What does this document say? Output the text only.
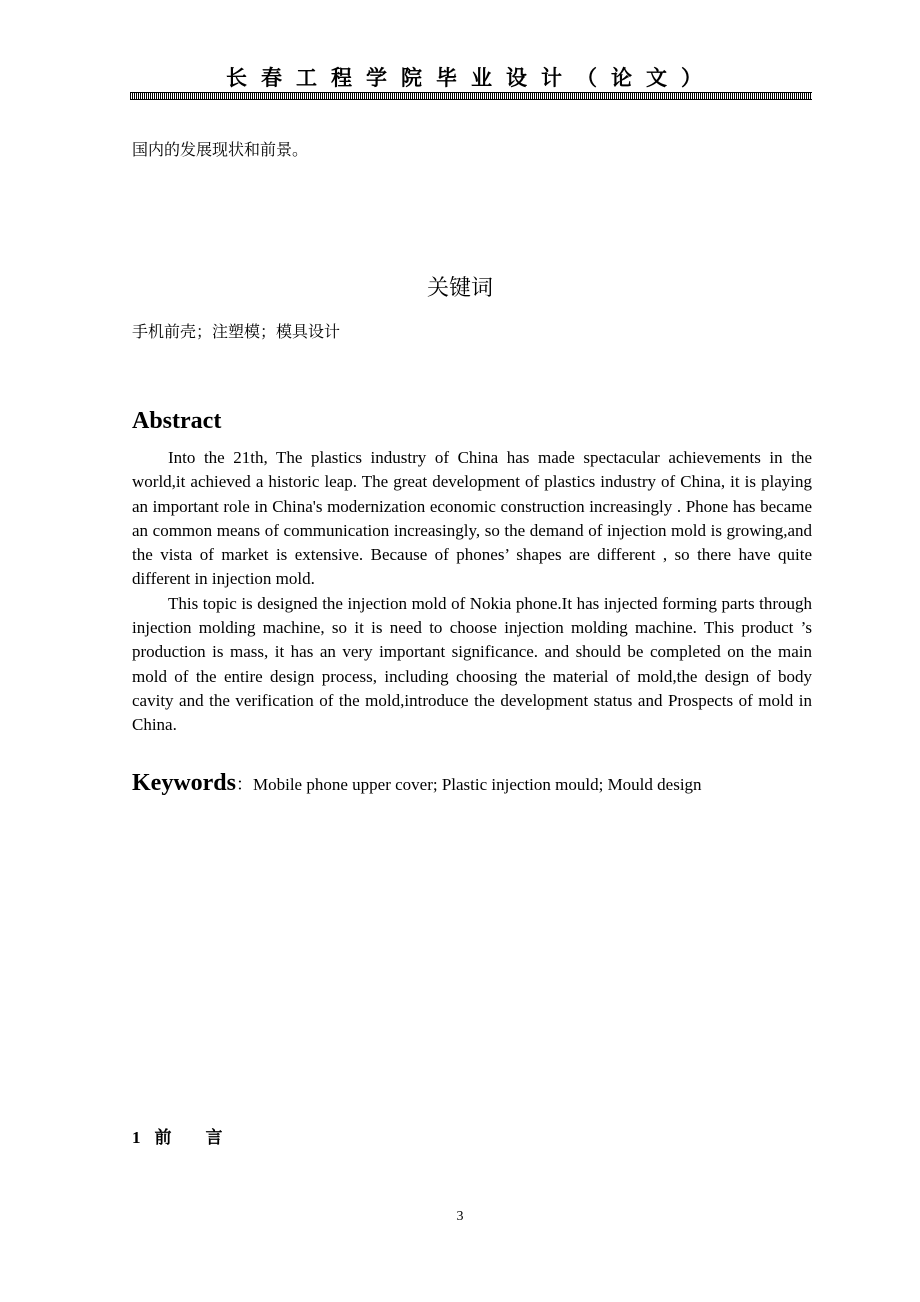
长春工程学院毕业设计（论文）
国内的发展现状和前景。
关键词
手机前壳；注塑模；模具设计
Abstract

Into the 21th, The plastics industry of China has made spectacular achievements in the world,it achieved a historic leap. The great development of plastics industry of China, it is playing an important role in China's modernization economic construction increasingly . Phone has became an common means of communication increasingly, so the demand of injection mold is growing,and the vista of market is extensive. Because of phones’ shapes are different , so there have quite different in injection mold.

This topic is designed the injection mold of Nokia phone.It has injected forming parts through injection molding machine, so it is need to choose injection molding machine. This product ’s production is mass, it has an very important significance. and should be completed on the main mold of the entire design process, including choosing the material of mold,the design of body cavity and the verification of the mold,introduce the development status and Prospects of mold in China.

Keywords：Mobile phone upper cover; Plastic injection mould; Mould design
1 前 言
3
